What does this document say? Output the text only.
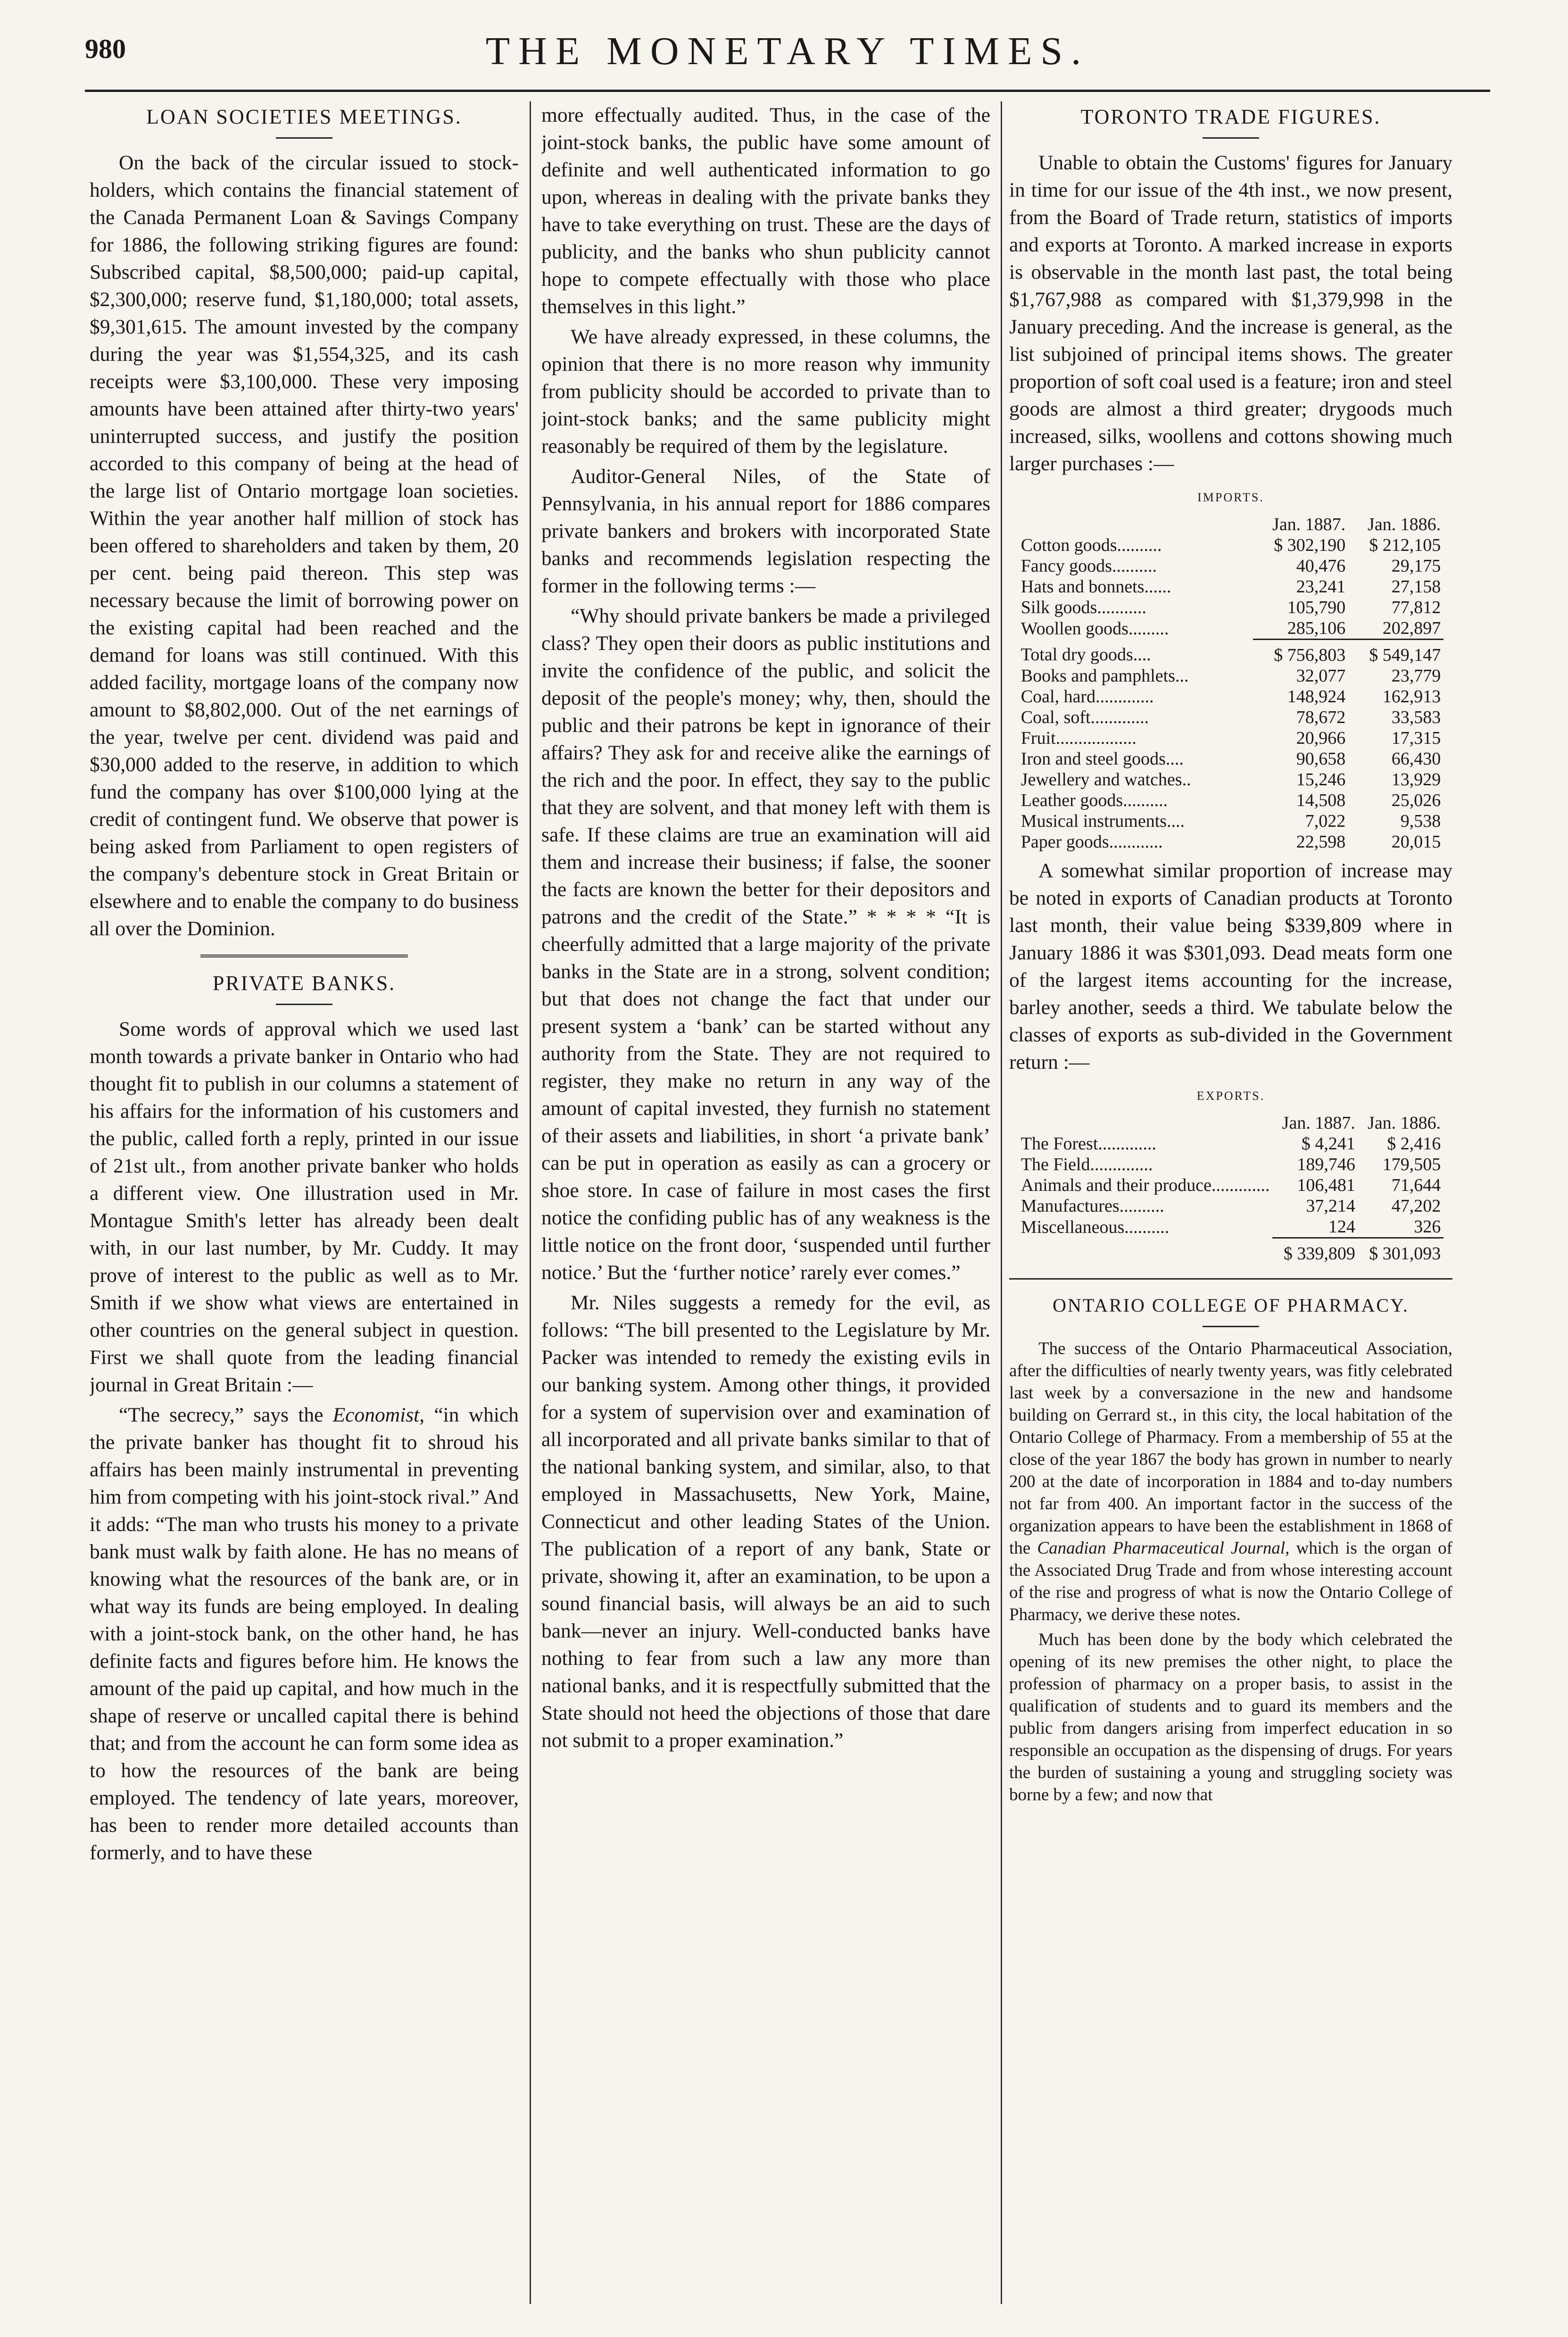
980	THE MONETARY TIMES.
LOAN SOCIETIES MEETINGS.

On the back of the circular issued to stock-holders, which contains the financial statement of the Canada Permanent Loan & Savings Company for 1886, the following striking figures are found: Subscribed capital, $8,500,000; paid-up capital, $2,300,000; reserve fund, $1,180,000; total assets, $9,301,615. The amount invested by the company during the year was $1,554,325, and its cash receipts were $3,100,000. These very imposing amounts have been attained after thirty-two years' uninterrupted success, and justify the position accorded to this company of being at the head of the large list of Ontario mortgage loan societies. Within the year another half million of stock has been offered to shareholders and taken by them, 20 per cent. being paid thereon. This step was necessary because the limit of borrowing power on the existing capital had been reached and the demand for loans was still continued. With this added facility, mortgage loans of the company now amount to $8,802,000. Out of the net earnings of the year, twelve per cent. dividend was paid and $30,000 added to the reserve, in addition to which fund the company has over $100,000 lying at the credit of contingent fund. We observe that power is being asked from Parliament to open registers of the company's debenture stock in Great Britain or elsewhere and to enable the company to do business all over the Dominion.

PRIVATE BANKS.

Some words of approval which we used last month towards a private banker in Ontario who had thought fit to publish in our columns a statement of his affairs for the information of his customers and the public, called forth a reply, printed in our issue of 21st ult., from another private banker who holds a different view. One illustration used in Mr. Montague Smith's letter has already been dealt with, in our last number, by Mr. Cuddy. It may prove of interest to the public as well as to Mr. Smith if we show what views are entertained in other countries on the general subject in question. First we shall quote from the leading financial journal in Great Britain :—

“The secrecy,” says the Economist, “in which the private banker has thought fit to shroud his affairs has been mainly instrumental in preventing him from competing with his joint-stock rival.” And it adds: “The man who trusts his money to a private bank must walk by faith alone. He has no means of knowing what the resources of the bank are, or in what way its funds are being employed. In dealing with a joint-stock bank, on the other hand, he has definite facts and figures before him. He knows the amount of the paid up capital, and how much in the shape of reserve or uncalled capital there is behind that; and from the account he can form some idea as to how the resources of the bank are being employed. The tendency of late years, moreover, has been to render more detailed accounts than formerly, and to have these

more effectually audited. Thus, in the case of the joint-stock banks, the public have some amount of definite and well authenticated information to go upon, whereas in dealing with the private banks they have to take everything on trust. These are the days of publicity, and the banks who shun publicity cannot hope to compete effectually with those who place themselves in this light.”

We have already expressed, in these columns, the opinion that there is no more reason why immunity from publicity should be accorded to private than to joint-stock banks; and the same publicity might reasonably be required of them by the legislature.

Auditor-General Niles, of the State of Pennsylvania, in his annual report for 1886 compares private bankers and brokers with incorporated State banks and recommends legislation respecting the former in the following terms :—

“Why should private bankers be made a privileged class? They open their doors as public institutions and invite the confidence of the public, and solicit the deposit of the people's money; why, then, should the public and their patrons be kept in ignorance of their affairs? They ask for and receive alike the earnings of the rich and the poor. In effect, they say to the public that they are solvent, and that money left with them is safe. If these claims are true an examination will aid them and increase their business; if false, the sooner the facts are known the better for their depositors and patrons and the credit of the State.” * * * * “It is cheerfully admitted that a large majority of the private banks in the State are in a strong, solvent condition; but that does not change the fact that under our present system a ‘bank’ can be started without any authority from the State. They are not required to register, they make no return in any way of the amount of capital invested, they furnish no statement of their assets and liabilities, in short ‘a private bank’ can be put in operation as easily as can a grocery or shoe store. In case of failure in most cases the first notice the confiding public has of any weakness is the little notice on the front door, ‘suspended until further notice.’ But the ‘further notice’ rarely ever comes.”

Mr. Niles suggests a remedy for the evil, as follows: “The bill presented to the Legislature by Mr. Packer was intended to remedy the existing evils in our banking system. Among other things, it provided for a system of supervision over and examination of all incorporated and all private banks similar to that of the national banking system, and similar, also, to that employed in Massachusetts, New York, Maine, Connecticut and other leading States of the Union. The publication of a report of any bank, State or private, showing it, after an examination, to be upon a sound financial basis, will always be an aid to such bank—never an injury. Well-conducted banks have nothing to fear from such a law any more than national banks, and it is respectfully submitted that the State should not heed the objections of those that dare not submit to a proper examination.”

TORONTO TRADE FIGURES.

Unable to obtain the Customs' figures for January in time for our issue of the 4th inst., we now present, from the Board of Trade return, statistics of imports and exports at Toronto. A marked increase in exports is observable in the month last past, the total being $1,767,988 as compared with $1,379,998 in the January preceding. And the increase is general, as the list subjoined of principal items shows. The greater proportion of soft coal used is a feature; iron and steel goods are almost a third greater; drygoods much increased, silks, woollens and cottons showing much larger purchases :—

IMPORTS.
	Jan. 1887.	Jan. 1886.
Cotton goods..........	$ 302,190	$ 212,105
Fancy goods..........	40,476	29,175
Hats and bonnets......	23,241	27,158
Silk goods...........	105,790	77,812
Woollen goods.........	285,106	202,897
Total dry goods....	$ 756,803	$ 549,147
Books and pamphlets...	32,077	23,779
Coal, hard.............	148,924	162,913
Coal, soft.............	78,672	33,583
Fruit..................	20,966	17,315
Iron and steel goods....	90,658	66,430
Jewellery and watches..	15,246	13,929
Leather goods..........	14,508	25,026
Musical instruments....	7,022	9,538
Paper goods............	22,598	20,015

A somewhat similar proportion of increase may be noted in exports of Canadian products at Toronto last month, their value being $339,809 where in January 1886 it was $301,093. Dead meats form one of the largest items accounting for the increase, barley another, seeds a third. We tabulate below the classes of exports as sub-divided in the Government return :—

EXPORTS.
	Jan. 1887.	Jan. 1886.
The Forest.............	$ 4,241	$ 2,416
The Field..............	189,746	179,505
Animals and their produce.............	106,481	71,644
Manufactures..........	37,214	47,202
Miscellaneous..........	124	326
	$ 339,809	$ 301,093
ONTARIO COLLEGE OF PHARMACY.

The success of the Ontario Pharmaceutical Association, after the difficulties of nearly twenty years, was fitly celebrated last week by a conversazione in the new and handsome building on Gerrard st., in this city, the local habitation of the Ontario College of Pharmacy. From a membership of 55 at the close of the year 1867 the body has grown in number to nearly 200 at the date of incorporation in 1884 and to-day numbers not far from 400. An important factor in the success of the organization appears to have been the establishment in 1868 of the Canadian Pharmaceutical Journal, which is the organ of the Associated Drug Trade and from whose interesting account of the rise and progress of what is now the Ontario College of Pharmacy, we derive these notes.

Much has been done by the body which celebrated the opening of its new premises the other night, to place the profession of pharmacy on a proper basis, to assist in the qualification of students and to guard its members and the public from dangers arising from imperfect education in so responsible an occupation as the dispensing of drugs. For years the burden of sustaining a young and struggling society was borne by a few; and now that
